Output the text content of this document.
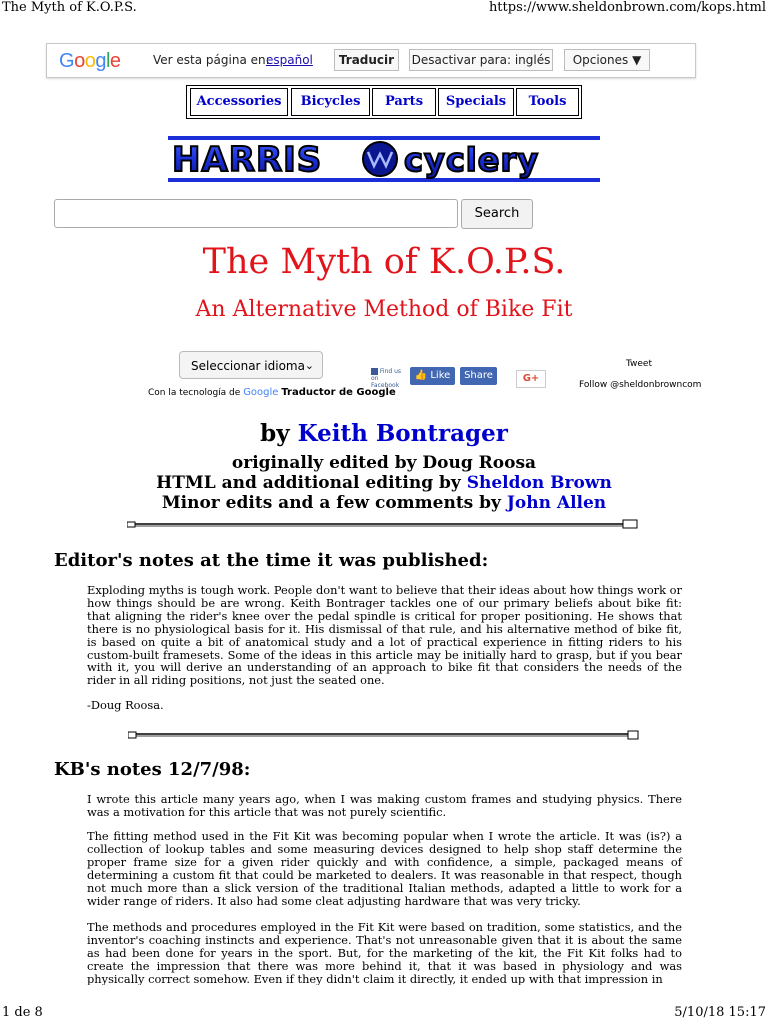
The Myth of K.O.P.S.	https://www.sheldonbrown.com/kops.html
1 de 8	5/10/18 15:17
Google	Ver esta página en:
español	Traducir	Desactivar para: inglés	Opciones ▼
Accessories	Bicycles	Parts	Specials	Tools
HARRIS	cyclery
Search
The Myth of K.O.P.S.
An Alternative Method of Bike Fit
Seleccionar idioma ⌄
Con la tecnología de Google Traductor de Google
Find us on Facebook
👍 Like	Share	G+
Tweet
Follow @sheldonbrowncom
by Keith Bontrager
originally edited by Doug Roosa
HTML and additional editing by Sheldon Brown
Minor edits and a few comments by John Allen
Editor's notes at the time it was published:
Exploding myths is tough work. People don't want to believe that their ideas about how things work or how things should be are wrong. Keith Bontrager tackles one of our primary beliefs about bike fit: that aligning the rider's knee over the pedal spindle is critical for proper positioning. He shows that there is no physiological basis for it. His dismissal of that rule, and his alternative method of bike fit, is based on quite a bit of anatomical study and a lot of practical experience in fitting riders to his custom-built framesets. Some of the ideas in this article may be initially hard to grasp, but if you bear with it, you will derive an understanding of an approach to bike fit that considers the needs of the rider in all riding positions, not just the seated one.
-Doug Roosa.
KB's notes 12/7/98:
I wrote this article many years ago, when I was making custom frames and studying physics. There was a motivation for this article that was not purely scientific.
The fitting method used in the Fit Kit was becoming popular when I wrote the article. It was (is?) a collection of lookup tables and some measuring devices designed to help shop staff determine the proper frame size for a given rider quickly and with confidence, a simple, packaged means of determining a custom fit that could be marketed to dealers. It was reasonable in that respect, though not much more than a slick version of the traditional Italian methods, adapted a little to work for a wider range of riders. It also had some cleat adjusting hardware that was very tricky.
The methods and procedures employed in the Fit Kit were based on tradition, some statistics, and the inventor's coaching instincts and experience. That's not unreasonable given that it is about the same as had been done for years in the sport. But, for the marketing of the kit, the Fit Kit folks had to create the impression that there was more behind it, that it was based in physiology and was physically correct somehow. Even if they didn't claim it directly, it ended up with that impression in
